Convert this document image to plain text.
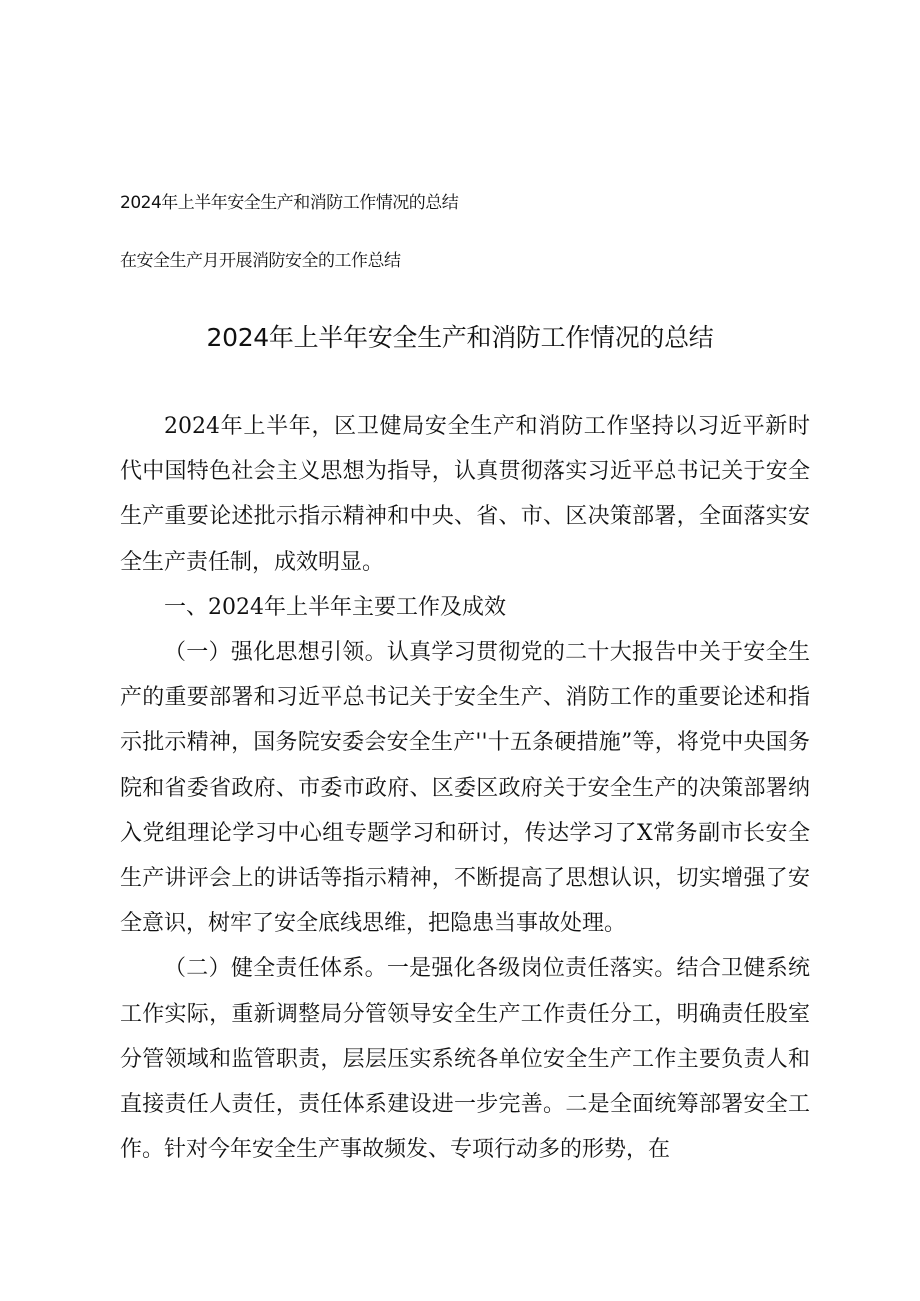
2024年上半年安全生产和消防工作情况的总结
在安全生产月开展消防安全的工作总结
2024年上半年安全生产和消防工作情况的总结

2024年上半年，区卫健局安全生产和消防工作坚持以习近平新时代中国特色社会主义思想为指导，认真贯彻落实习近平总书记关于安全生产重要论述批示指示精神和中央、省、市、区决策部署，全面落实安全生产责任制，成效明显。

一、2024年上半年主要工作及成效

（一）强化思想引领。认真学习贯彻党的二十大报告中关于安全生产的重要部署和习近平总书记关于安全生产、消防工作的重要论述和指示批示精神，国务院安委会安全生产''十五条硬措施”等，将党中央国务院和省委省政府、市委市政府、区委区政府关于安全生产的决策部署纳入党组理论学习中心组专题学习和研讨，传达学习了X常务副市长安全生产讲评会上的讲话等指示精神，不断提高了思想认识，切实增强了安全意识，树牢了安全底线思维，把隐患当事故处理。

（二）健全责任体系。一是强化各级岗位责任落实。结合卫健系统工作实际，重新调整局分管领导安全生产工作责任分工，明确责任股室分管领域和监管职责，层层压实系统各单位安全生产工作主要负责人和直接责任人责任，责任体系建设进一步完善。二是全面统筹部署安全工作。针对今年安全生产事故频发、专项行动多的形势，在
